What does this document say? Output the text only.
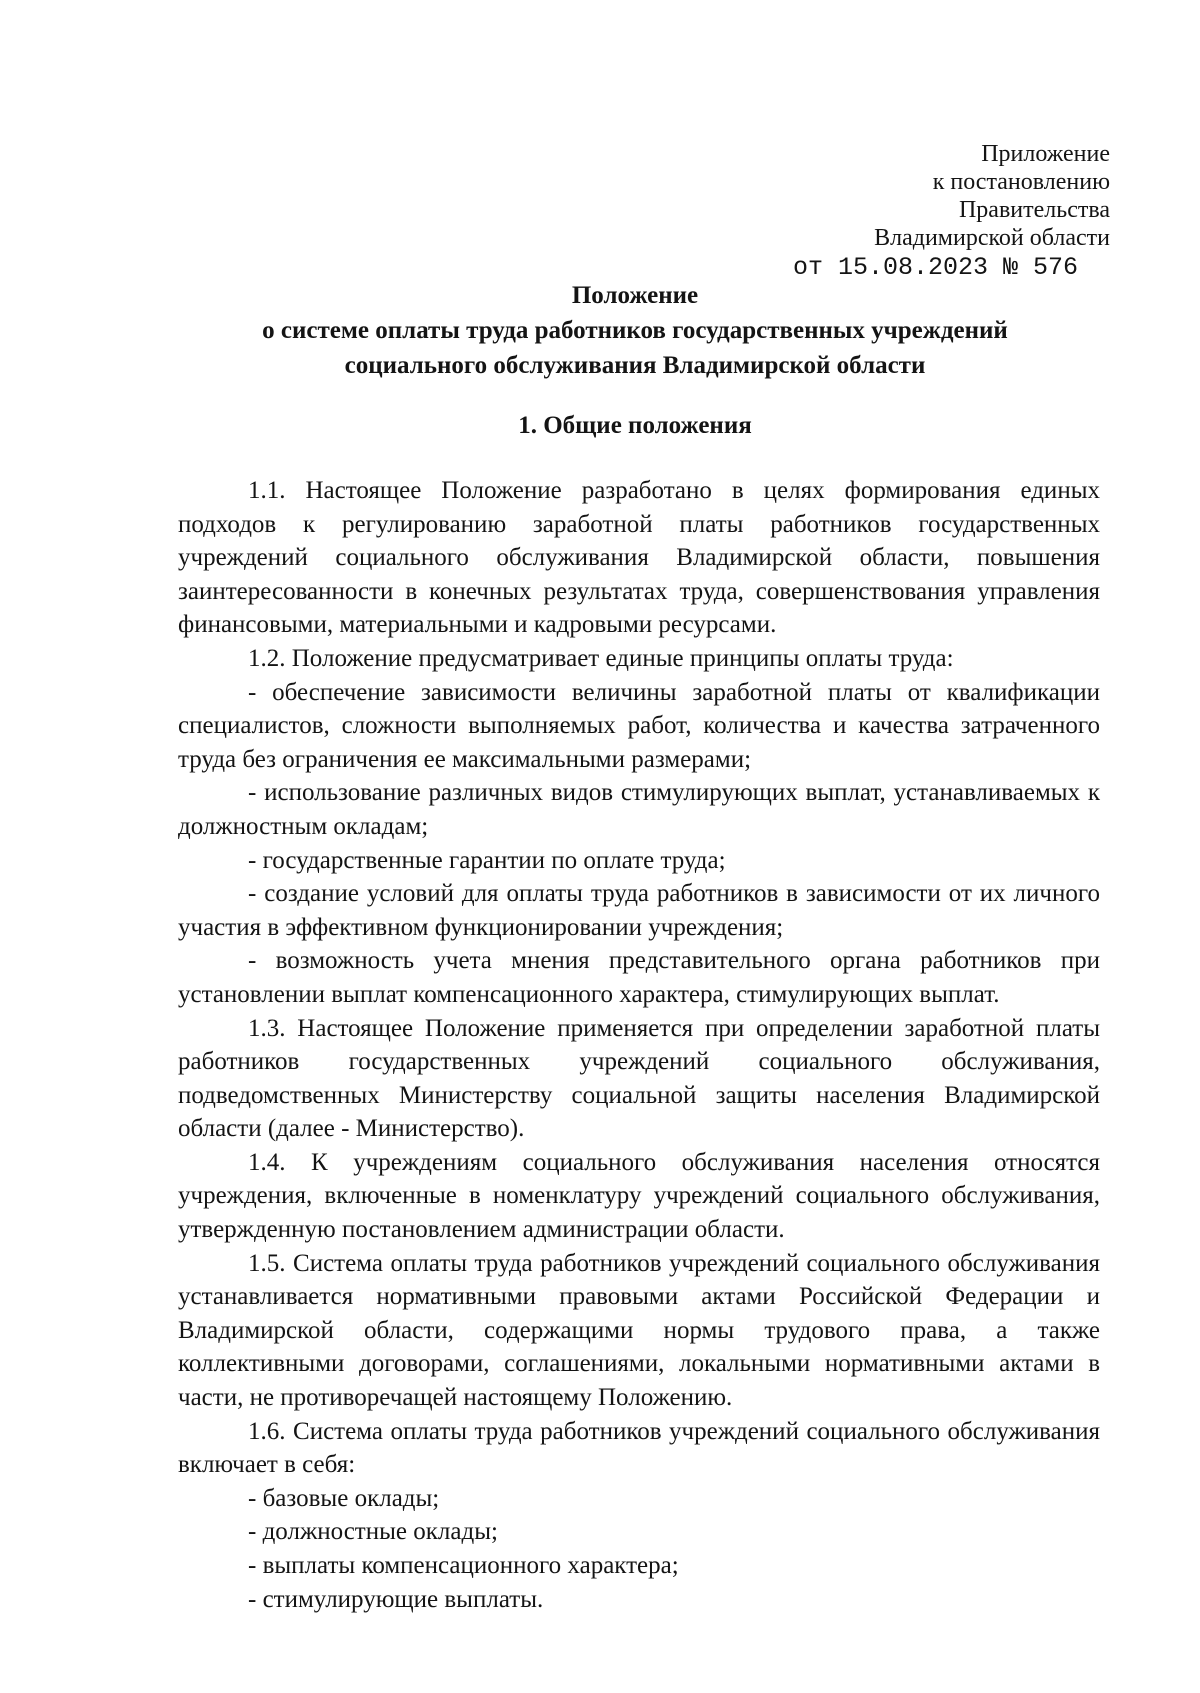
Приложение
к постановлению
Правительства
Владимирской области
от 15.08.2023 № 576
Положение
о системе оплаты труда работников государственных учреждений
социального обслуживания Владимирской области
1. Общие положения

1.1. Настоящее Положение разработано в целях формирования единых подходов к регулированию заработной платы работников государственных учреждений социального обслуживания Владимирской области, повышения заинтересованности в конечных результатах труда, совершенствования управления финансовыми, материальными и кадровыми ресурсами.

1.2. Положение предусматривает единые принципы оплаты труда:

- обеспечение зависимости величины заработной платы от квалификации специалистов, сложности выполняемых работ, количества и качества затраченного труда без ограничения ее максимальными размерами;

- использование различных видов стимулирующих выплат, устанавливаемых к должностным окладам;

- государственные гарантии по оплате труда;

- создание условий для оплаты труда работников в зависимости от их личного участия в эффективном функционировании учреждения;

- возможность учета мнения представительного органа работников при установлении выплат компенсационного характера, стимулирующих выплат.

1.3. Настоящее Положение применяется при определении заработной платы работников государственных учреждений социального обслуживания, подведомственных Министерству социальной защиты населения Владимирской области (далее - Министерство).

1.4. К учреждениям социального обслуживания населения относятся учреждения, включенные в номенклатуру учреждений социального обслуживания, утвержденную постановлением администрации области.

1.5. Система оплаты труда работников учреждений социального обслуживания устанавливается нормативными правовыми актами Российской Федерации и Владимирской области, содержащими нормы трудового права, а также коллективными договорами, соглашениями, локальными нормативными актами в части, не противоречащей настоящему Положению.

1.6. Система оплаты труда работников учреждений социального обслуживания включает в себя:

- базовые оклады;

- должностные оклады;

- выплаты компенсационного характера;

- стимулирующие выплаты.
